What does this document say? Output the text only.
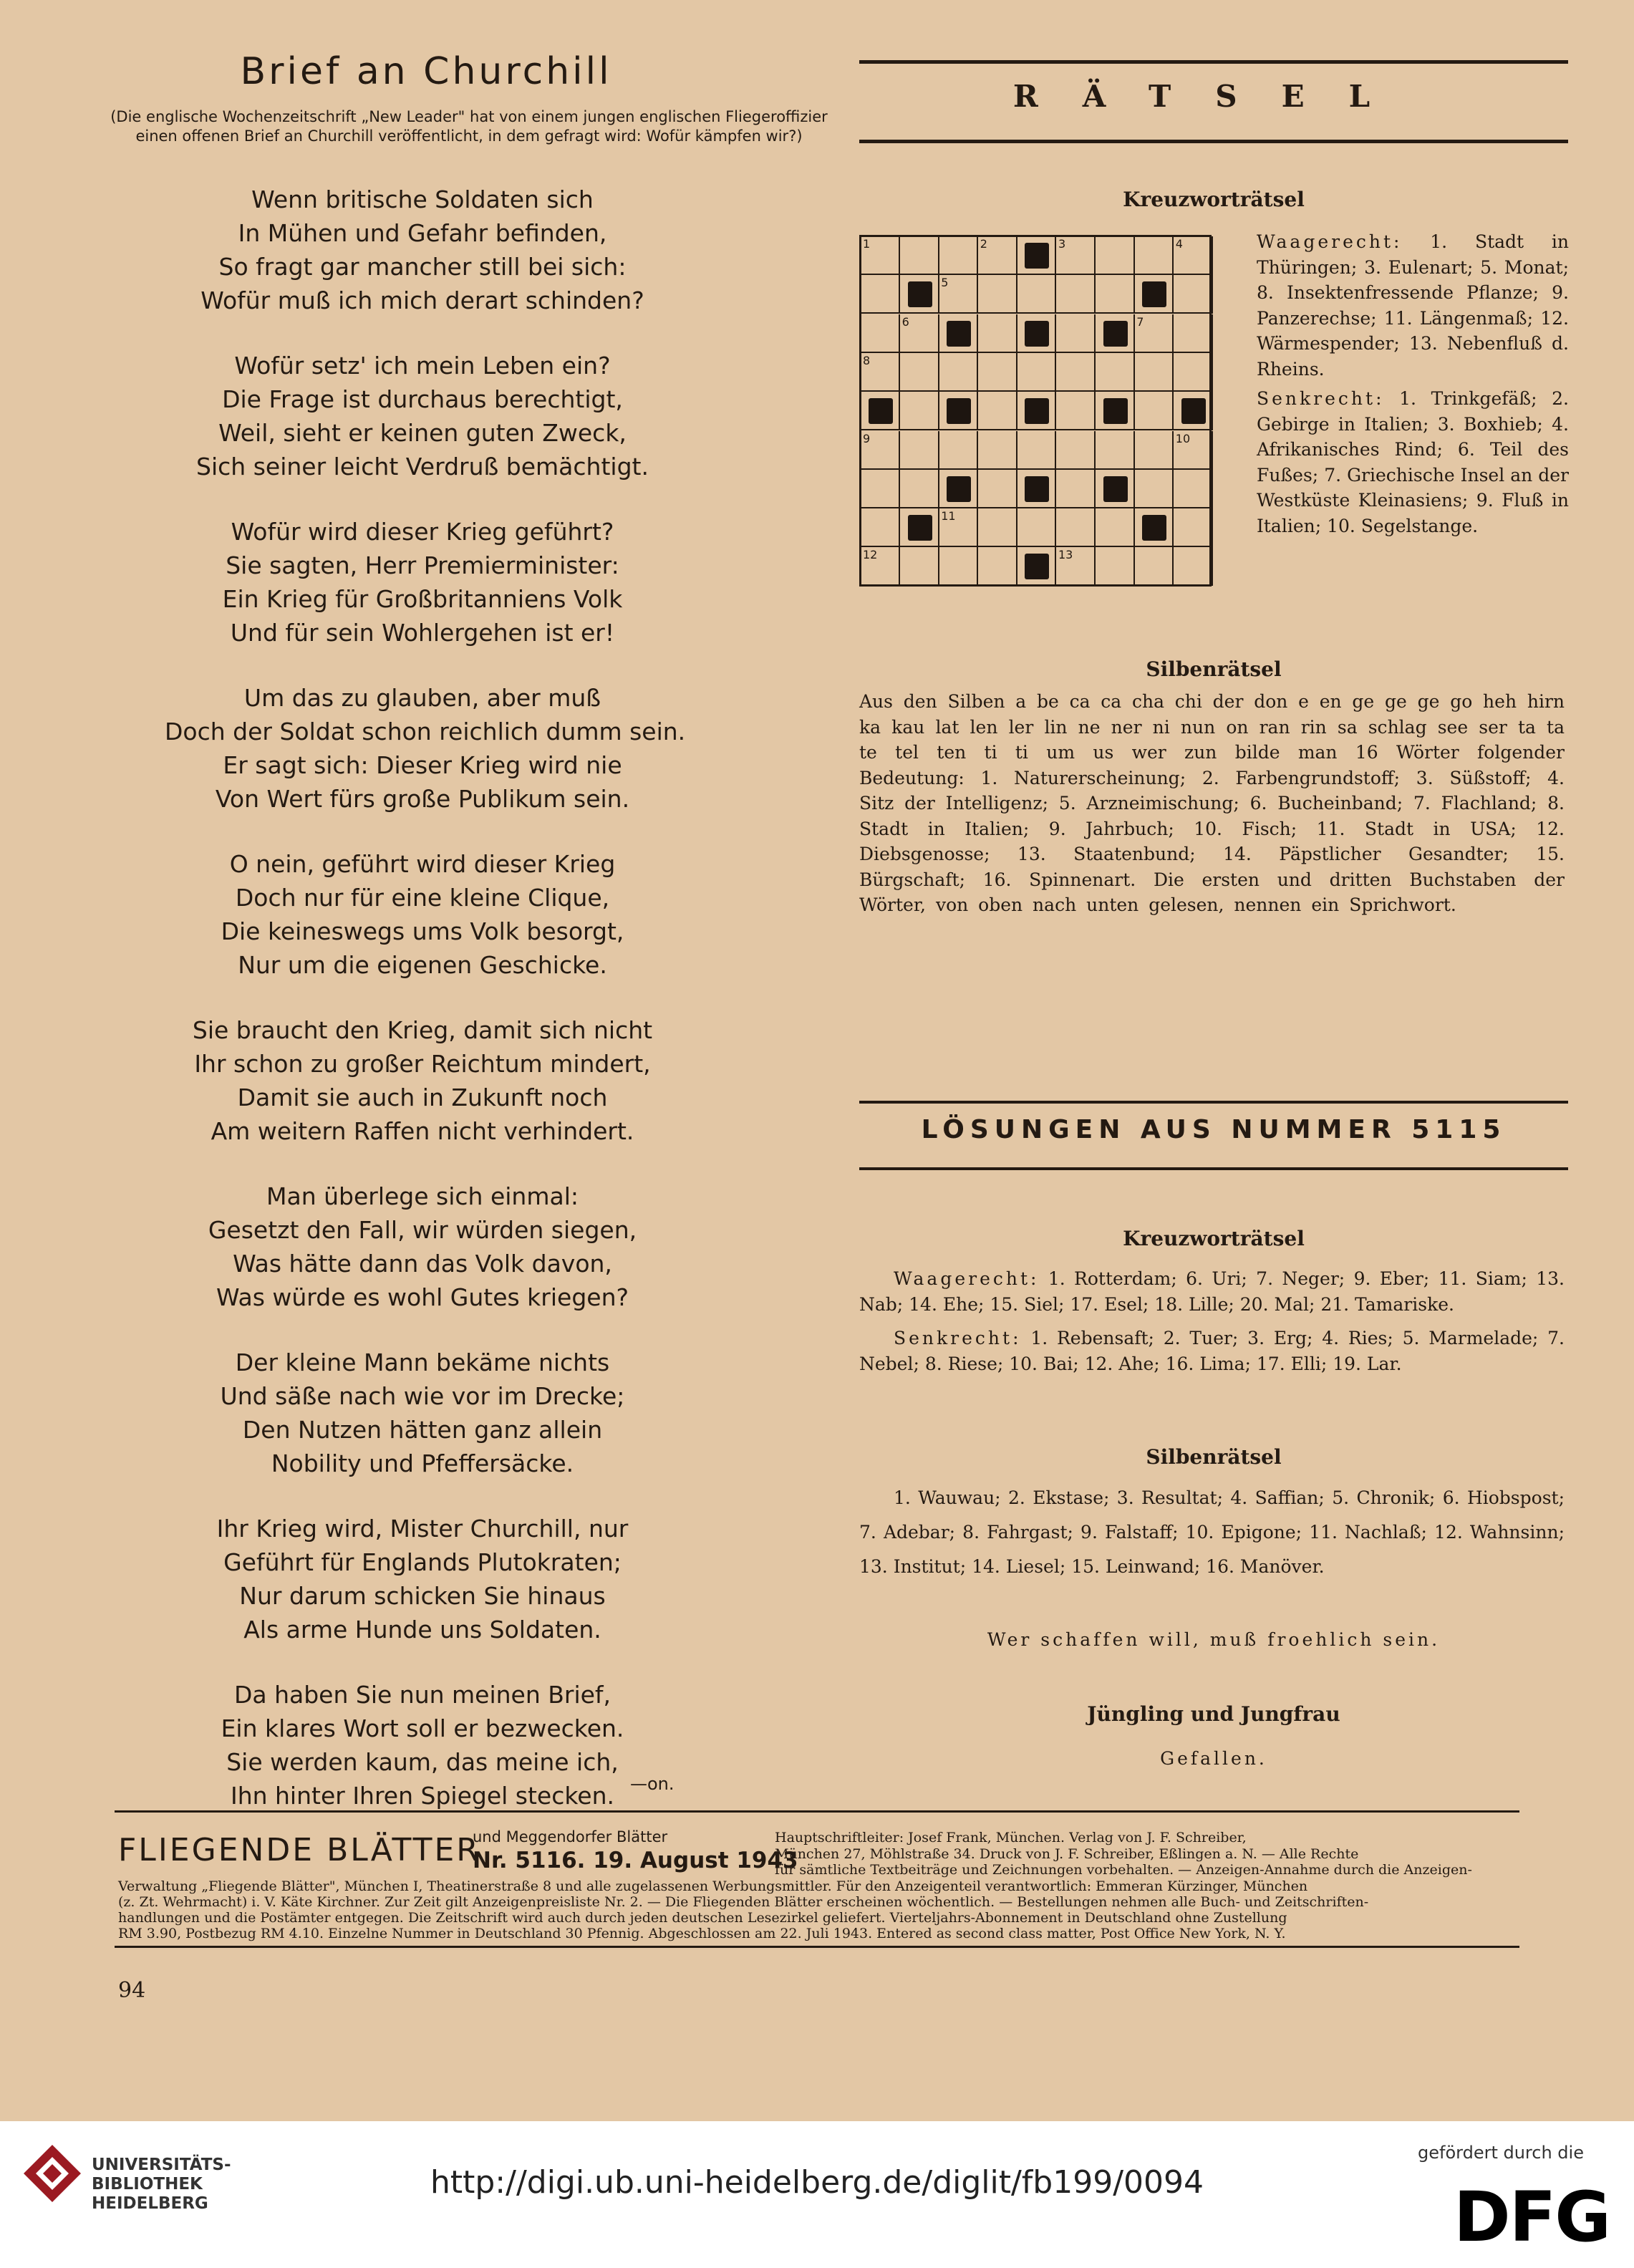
Brief an Churchill
(Die englische Wochenzeitschrift „New Leader" hat von einem jungen englischen Fliegeroffizier einen offenen Brief an Churchill veröffentlicht, in dem gefragt wird: Wofür kämpfen wir?)
Wenn britische Soldaten sich
In Mühen und Gefahr befinden,
So fragt gar mancher still bei sich:
Wofür muß ich mich derart schinden?
Wofür setz' ich mein Leben ein?
Die Frage ist durchaus berechtigt,
Weil, sieht er keinen guten Zweck,
Sich seiner leicht Verdruß bemächtigt.
Wofür wird dieser Krieg geführt?
Sie sagten, Herr Premierminister:
Ein Krieg für Großbritanniens Volk
Und für sein Wohlergehen ist er!
Um das zu glauben, aber muß
Doch der Soldat schon reichlich dumm sein.
Er sagt sich: Dieser Krieg wird nie
Von Wert fürs große Publikum sein.
O nein, geführt wird dieser Krieg
Doch nur für eine kleine Clique,
Die keineswegs ums Volk besorgt,
Nur um die eigenen Geschicke.
Sie braucht den Krieg, damit sich nicht
Ihr schon zu großer Reichtum mindert,
Damit sie auch in Zukunft noch
Am weitern Raffen nicht verhindert.
Man überlege sich einmal:
Gesetzt den Fall, wir würden siegen,
Was hätte dann das Volk davon,
Was würde es wohl Gutes kriegen?
Der kleine Mann bekäme nichts
Und säße nach wie vor im Drecke;
Den Nutzen hätten ganz allein
Nobility und Pfeffersäcke.
Ihr Krieg wird, Mister Churchill, nur
Geführt für Englands Plutokraten;
Nur darum schicken Sie hinaus
Als arme Hunde uns Soldaten.
Da haben Sie nun meinen Brief,
Ein klares Wort soll er bezwecken.
Sie werden kaum, das meine ich,
Ihn hinter Ihren Spiegel stecken. —on.
RÄTSEL
Kreuzworträtsel
1	2	3	4
5
6	7
8
9	10
11
12	13

Waagerecht: 1. Stadt in Thüringen; 3. Eulenart; 5. Monat; 8. Insektenfressende Pflanze; 9. Panzerechse; 11. Längenmaß; 12. Wärmespender; 13. Nebenfluß d. Rheins.

Senkrecht: 1. Trinkgefäß; 2. Gebirge in Italien; 3. Boxhieb; 4. Afrikanisches Rind; 6. Teil des Fußes; 7. Griechische Insel an der Westküste Kleinasiens; 9. Fluß in Italien; 10. Segelstange.

Silbenrätsel
Aus den Silben a be ca ca cha chi der don e en ge ge ge go heh hirn ka kau lat len ler lin ne ner ni nun on ran rin sa schlag see ser ta ta te tel ten ti ti um us wer zun bilde man 16 Wörter folgender Bedeutung: 1. Naturerscheinung; 2. Farbengrundstoff; 3. Süßstoff; 4. Sitz der Intelligenz; 5. Arzneimischung; 6. Bucheinband; 7. Flachland; 8. Stadt in Italien; 9. Jahrbuch; 10. Fisch; 11. Stadt in USA; 12. Diebsgenosse; 13. Staatenbund; 14. Päpstlicher Gesandter; 15. Bürgschaft; 16. Spinnenart. Die ersten und dritten Buchstaben der Wörter, von oben nach unten gelesen, nennen ein Sprichwort.
LÖSUNGEN AUS NUMMER 5115
Kreuzworträtsel

Waagerecht: 1. Rotterdam; 6. Uri; 7. Neger; 9. Eber; 11. Siam; 13. Nab; 14. Ehe; 15. Siel; 17. Esel; 18. Lille; 20. Mal; 21. Tamariske.

Senkrecht: 1. Rebensaft; 2. Tuer; 3. Erg; 4. Ries; 5. Marmelade; 7. Nebel; 8. Riese; 10. Bai; 12. Ahe; 16. Lima; 17. Elli; 19. Lar.

Silbenrätsel
1. Wauwau; 2. Ekstase; 3. Resultat; 4. Saffian; 5. Chronik; 6. Hiobspost; 7. Adebar; 8. Fahrgast; 9. Falstaff; 10. Epigone; 11. Nachlaß; 12. Wahnsinn; 13. Institut; 14. Liesel; 15. Leinwand; 16. Manöver.
Wer schaffen will, muß froehlich sein.
Jüngling und Jungfrau
Gefallen.
FLIEGENDE BLÄTTER
und Meggendorfer Blätter
Nr. 5116. 19. August 1943
Hauptschriftleiter: Josef Frank, München. Verlag von J. F. Schreiber,
München 27, Möhlstraße 34. Druck von J. F. Schreiber, Eßlingen a. N. — Alle Rechte
für sämtliche Textbeiträge und Zeichnungen vorbehalten. — Anzeigen-Annahme durch die Anzeigen-
Verwaltung „Fliegende Blätter", München I, Theatinerstraße 8 und alle zugelassenen Werbungsmittler. Für den Anzeigenteil verantwortlich: Emmeran Kürzinger, München
(z. Zt. Wehrmacht) i. V. Käte Kirchner. Zur Zeit gilt Anzeigenpreisliste Nr. 2. — Die Fliegenden Blätter erscheinen wöchentlich. — Bestellungen nehmen alle Buch- und Zeitschriften-
handlungen und die Postämter entgegen. Die Zeitschrift wird auch durch jeden deutschen Lesezirkel geliefert. Vierteljahrs-Abonnement in Deutschland ohne Zustellung
RM 3.90, Postbezug RM 4.10. Einzelne Nummer in Deutschland 30 Pfennig. Abgeschlossen am 22. Juli 1943. Entered as second class matter, Post Office New York, N. Y.
94
UNIVERSITÄTS-
BIBLIOTHEK
HEIDELBERG
http://digi.ub.uni-heidelberg.de/diglit/fb199/0094
gefördert durch die
DFG
